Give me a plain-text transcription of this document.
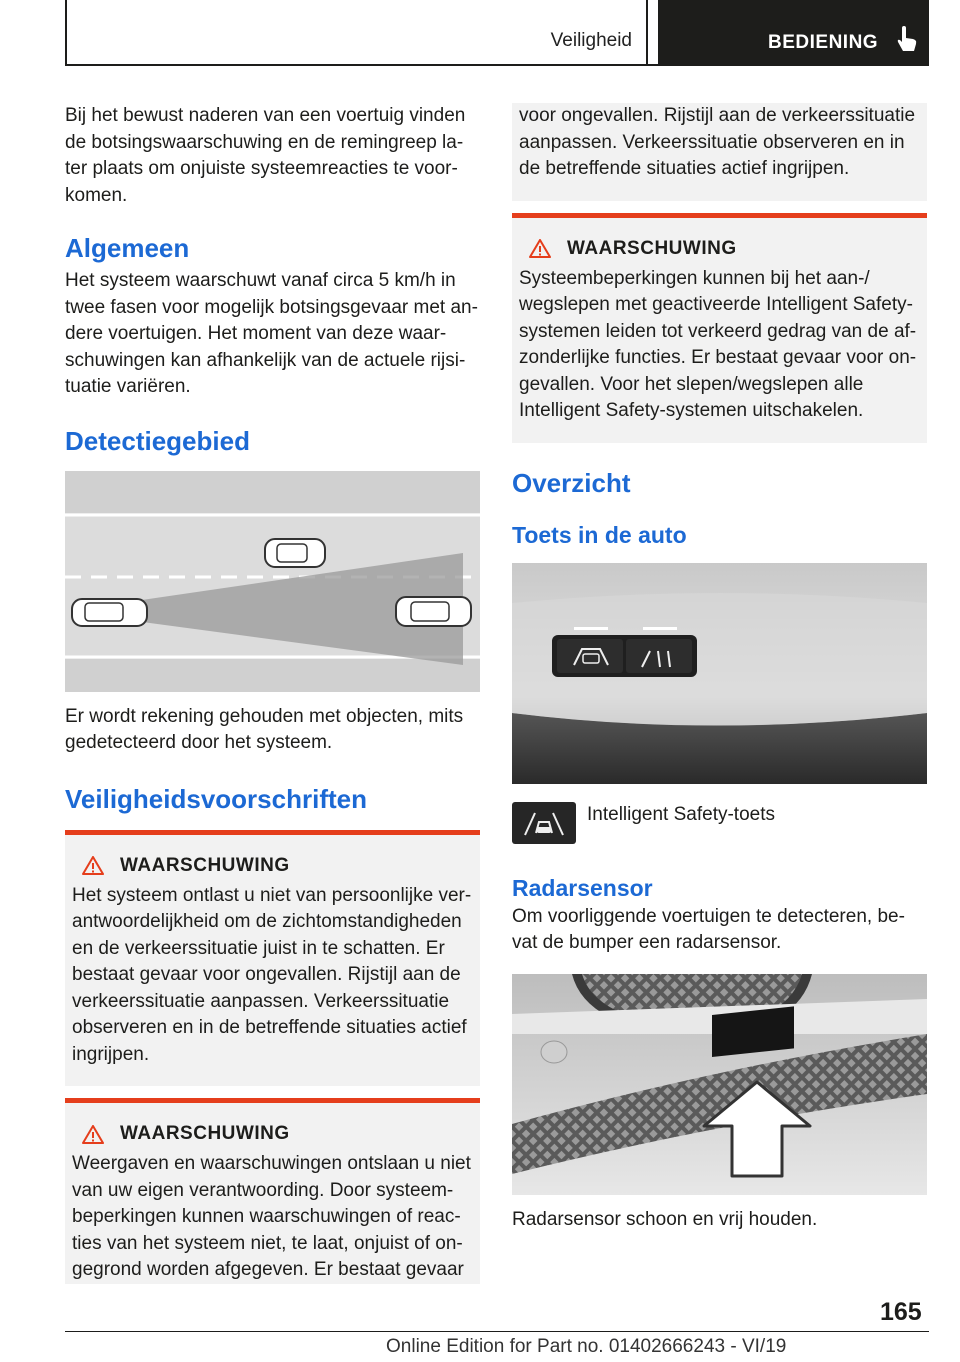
Veiligheid	BEDIENING

Bij het bewust naderen van een voertuig vinden de botsingswaarschuwing en de remingreep la-ter plaats om onjuiste systeemreacties te voor-komen.

Algemeen

Het systeem waarschuwt vanaf circa 5 km/h in twee fasen voor mogelijk botsingsgevaar met an-dere voertuigen. Het moment van deze waar-schuwingen kan afhankelijk van de actuele rijsi-tuatie variëren.

Detectiegebied

Er wordt rekening gehouden met objecten, mits gedetecteerd door het systeem.

Veiligheidsvoorschriften
WAARSCHUWING

Het systeem ontlast u niet van persoonlijke ver-antwoordelijkheid om de zichtomstandigheden en de verkeerssituatie juist in te schatten. Er bestaat gevaar voor ongevallen. Rijstijl aan de verkeerssituatie aanpassen. Verkeerssituatie observeren en in de betreffende situaties actief ingrijpen.

WAARSCHUWING

Weergaven en waarschuwingen ontslaan u niet van uw eigen verantwoording. Door systeem-beperkingen kunnen waarschuwingen of reac-ties van het systeem niet, te laat, onjuist of on-gegrond worden afgegeven. Er bestaat gevaar

voor ongevallen. Rijstijl aan de verkeerssituatie aanpassen. Verkeerssituatie observeren en in de betreffende situaties actief ingrijpen.

WAARSCHUWING

Systeembeperkingen kunnen bij het aan-/ wegslepen met geactiveerde Intelligent Safety-systemen leiden tot verkeerd gedrag van de af-zonderlijke functies. Er bestaat gevaar voor on-gevallen. Voor het slepen/wegslepen alle Intelligent Safety-systemen uitschakelen.

Overzicht
Toets in de auto

Intelligent Safety-toets

Radarsensor

Om voorliggende voertuigen te detecteren, be-vat de bumper een radarsensor.

Radarsensor schoon en vrij houden.

165
Online Edition for Part no. 01402666243 - VI/19
